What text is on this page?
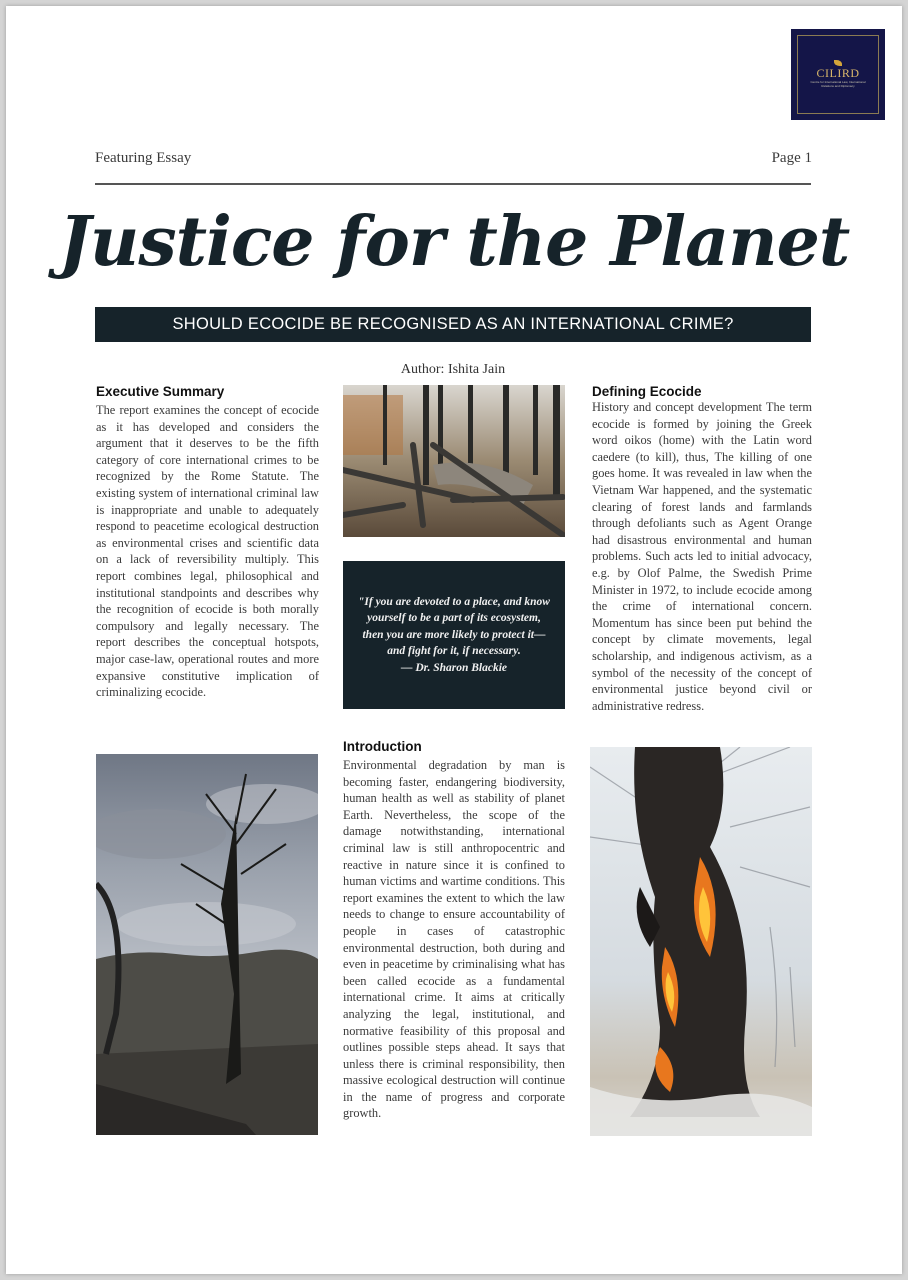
CILIRD
Centre for International Law, International Relations and Diplomacy
Featuring Essay	Page 1
Justice for the Planet
SHOULD ECOCIDE BE RECOGNISED AS AN INTERNATIONAL CRIME?
Author: Ishita Jain
Executive Summary

The report examines the concept of ecocide as it has developed and considers the argument that it deserves to be the fifth category of core international crimes to be recognized by the Rome Statute. The existing system of international criminal law is inappropriate and unable to adequately respond to peacetime ecological destruction as environmental crises and scientific data on a lack of reversibility multiply. This report combines legal, philosophical and institutional standpoints and describes why the recognition of ecocide is both morally compulsory and legally necessary. The report describes the conceptual hotspots, major case-law, operational routes and more expansive constitutive implication of criminalizing ecocide.

"If you are devoted to a place, and know yourself to be a part of its ecosystem, then you are more likely to protect it—and fight for it, if necessary.
— Dr. Sharon Blackie
Introduction

Environmental degradation by man is becoming faster, endangering biodiversity, human health as well as stability of planet Earth. Nevertheless, the scope of the damage notwithstanding, international criminal law is still anthropocentric and reactive in nature since it is confined to human victims and wartime conditions. This report examines the extent to which the law needs to change to ensure accountability of people in cases of catastrophic environmental destruction, both during and even in peacetime by criminalising what has been called ecocide as a fundamental international crime. It aims at critically analyzing the legal, institutional, and normative feasibility of this proposal and outlines possible steps ahead. It says that unless there is criminal responsibility, then massive ecological destruction will continue in the name of progress and corporate growth.

Defining Ecocide

History and concept development The term ecocide is formed by joining the Greek word oikos (home) with the Latin word caedere (to kill), thus, The killing of one goes home. It was revealed in law when the Vietnam War happened, and the systematic clearing of forest lands and farmlands through defoliants such as Agent Orange had disastrous environmental and human problems. Such acts led to initial advocacy, e.g. by Olof Palme, the Swedish Prime Minister in 1972, to include ecocide among the crime of international concern. Momentum has since been put behind the concept by climate movements, legal scholarship, and indigenous activism, as a symbol of the necessity of the concept of environmental justice beyond civil or administrative redress.
